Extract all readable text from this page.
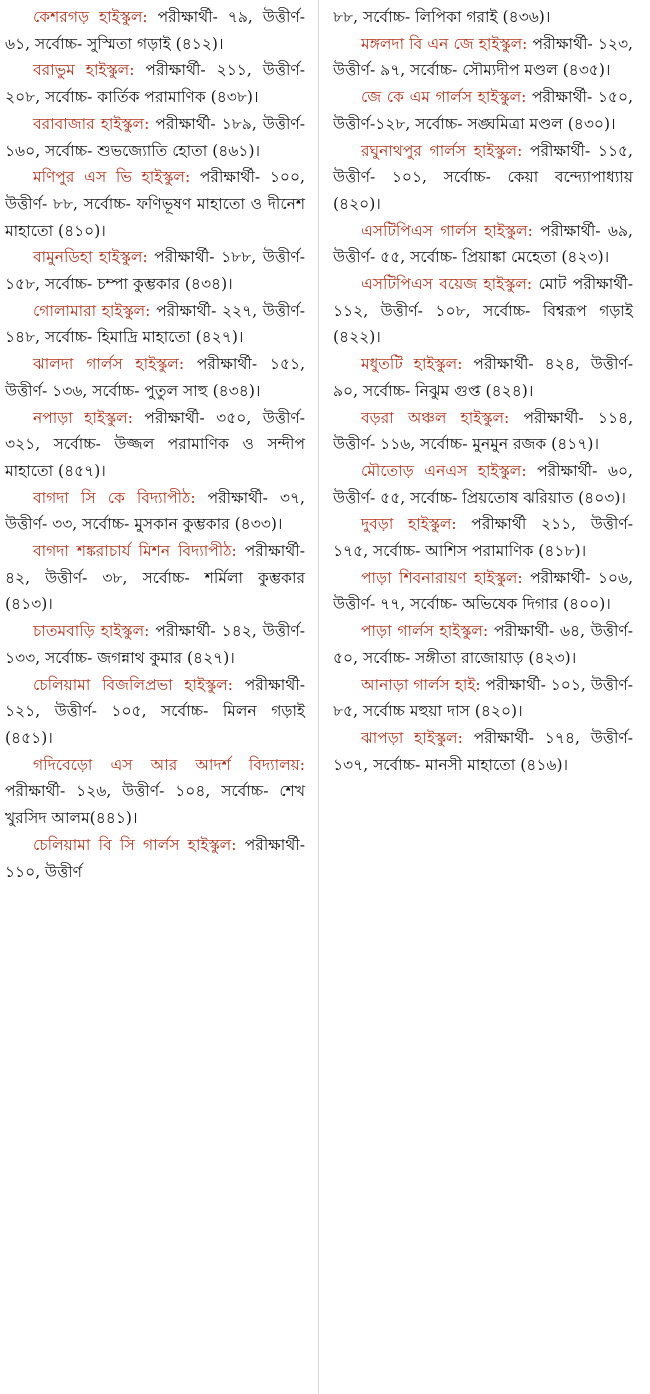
কেশরগড় হাইস্কুল: পরীক্ষার্থী- ৭৯, উত্তীর্ণ- ৬১, সর্বোচ্চ- সুস্মিতা গড়াই (৪১২)।

বরাভুম হাইস্কুল: পরীক্ষার্থী- ২১১, উত্তীর্ণ- ২০৮, সর্বোচ্চ- কার্তিক পরামাণিক (৪৩৮)।

বরাবাজার হাইস্কুল: পরীক্ষার্থী- ১৮৯, উত্তীর্ণ- ১৬০, সর্বোচ্চ- শুভজ্যোতি হোতা (৪৬১)।

মণিপুর এস ভি হাইস্কুল: পরীক্ষার্থী- ১০০, উত্তীর্ণ- ৮৮, সর্বোচ্চ- ফণিভূষণ মাহাতো ও দীনেশ মাহাতো (৪১০)।

বামুনডিহা হাইস্কুল: পরীক্ষার্থী- ১৮৮, উত্তীর্ণ- ১৫৮, সর্বোচ্চ- চম্পা কুম্ভকার (৪৩৪)।

গোলামারা হাইস্কুল: পরীক্ষার্থী- ২২৭, উত্তীর্ণ- ১৪৮, সর্বোচ্চ- হিমাদ্রি মাহাতো (৪২৭)।

ঝালদা গার্লস হাইস্কুল: পরীক্ষার্থী- ১৫১, উত্তীর্ণ- ১৩৬, সর্বোচ্চ- পুতুল সাহু (৪৩৪)।

নপাড়া হাইস্কুল: পরীক্ষার্থী- ৩৫০, উত্তীর্ণ- ৩২১, সর্বোচ্চ- উজ্জল পরামাণিক ও সন্দীপ মাহাতো (৪৫৭)।

বাগদা সি কে বিদ্যাপীঠ: পরীক্ষার্থী- ৩৭, উত্তীর্ণ- ৩৩, সর্বোচ্চ- মুসকান কুম্ভকার (৪৩৩)।

বাগদা শঙ্করাচার্য মিশন বিদ্যাপীঠ: পরীক্ষার্থী- ৪২, উত্তীর্ণ- ৩৮, সর্বোচ্চ- শর্মিলা কুম্ভকার (৪১৩)।

চাতমবাড়ি হাইস্কুল: পরীক্ষার্থী- ১৪২, উত্তীর্ণ- ১৩৩, সর্বোচ্চ- জগন্নাথ কুমার (৪২৭)।

চেলিয়ামা বিজলিপ্রভা হাইস্কুল: পরীক্ষার্থী- ১২১, উত্তীর্ণ- ১০৫, সর্বোচ্চ- মিলন গড়াই (৪৫১)।

গদিবেড়ো এস আর আদর্শ বিদ্যালয়: পরীক্ষার্থী- ১২৬, উত্তীর্ণ- ১০৪, সর্বোচ্চ- শেখ খুরসিদ আলম(৪৪১)।

চেলিয়ামা বি সি গার্লস হাইস্কুল: পরীক্ষার্থী- ১১০, উত্তীর্ণ

৮৮, সর্বোচ্চ- লিপিকা গরাই (৪৩৬)।

মঙ্গলদা বি এন জে হাইস্কুল: পরীক্ষার্থী- ১২৩, উত্তীর্ণ- ৯৭, সর্বোচ্চ- সৌম্যদীপ মণ্ডল (৪৩৫)।

জে কে এম গার্লস হাইস্কুল: পরীক্ষার্থী- ১৫০, উত্তীর্ণ-১২৮, সর্বোচ্চ- সঙ্ঘমিত্রা মণ্ডল (৪৩০)।

রঘুনাথপুর গার্লস হাইস্কুল: পরীক্ষার্থী- ১১৫, উত্তীর্ণ- ১০১, সর্বোচ্চ- কেয়া বন্দ্যোপাধ্যায় (৪২০)।

এসটিপিএস গার্লস হাইস্কুল: পরীক্ষার্থী- ৬৯, উত্তীর্ণ- ৫৫, সর্বোচ্চ- প্রিয়াঙ্কা মেহেতা (৪২৩)।

এসটিপিএস বয়েজ হাইস্কুল: মোট পরীক্ষার্থী- ১১২, উত্তীর্ণ- ১০৮, সর্বোচ্চ- বিশ্বরূপ গড়াই (৪২২)।

মধুতটি হাইস্কুল: পরীক্ষার্থী- ৪২৪, উত্তীর্ণ- ৯০, সর্বোচ্চ- নিঝুম গুপ্ত (৪২৪)।

বড়রা অঞ্চল হাইস্কুল: পরীক্ষার্থী- ১১৪, উত্তীর্ণ- ১১৬, সর্বোচ্চ- মুনমুন রজক (৪১৭)।

মৌতোড় এনএস হাইস্কুল: পরীক্ষার্থী- ৬০, উত্তীর্ণ- ৫৫, সর্বোচ্চ- প্রিয়তোষ ঝরিয়াত (৪০৩)।

দুবড়া হাইস্কুল: পরীক্ষার্থী ২১১, উত্তীর্ণ- ১৭৫, সর্বোচ্চ- আশিস পরামাণিক (৪১৮)।

পাড়া শিবনারায়ণ হাইস্কুল: পরীক্ষার্থী- ১০৬, উত্তীর্ণ- ৭৭, সর্বোচ্চ- অভিষেক দিগার (৪০০)।

পাড়া গার্লস হাইস্কুল: পরীক্ষার্থী- ৬৪, উত্তীর্ণ- ৫০, সর্বোচ্চ- সঙ্গীতা রাজোয়াড় (৪২৩)।

আনাড়া গার্লস হাই: পরীক্ষার্থী- ১০১, উত্তীর্ণ- ৮৫, সর্বোচ্চ মহুয়া দাস (৪২০)।

ঝাপড়া হাইস্কুল: পরীক্ষার্থী- ১৭৪, উত্তীর্ণ- ১৩৭, সর্বোচ্চ- মানসী মাহাতো (৪১৬)।
